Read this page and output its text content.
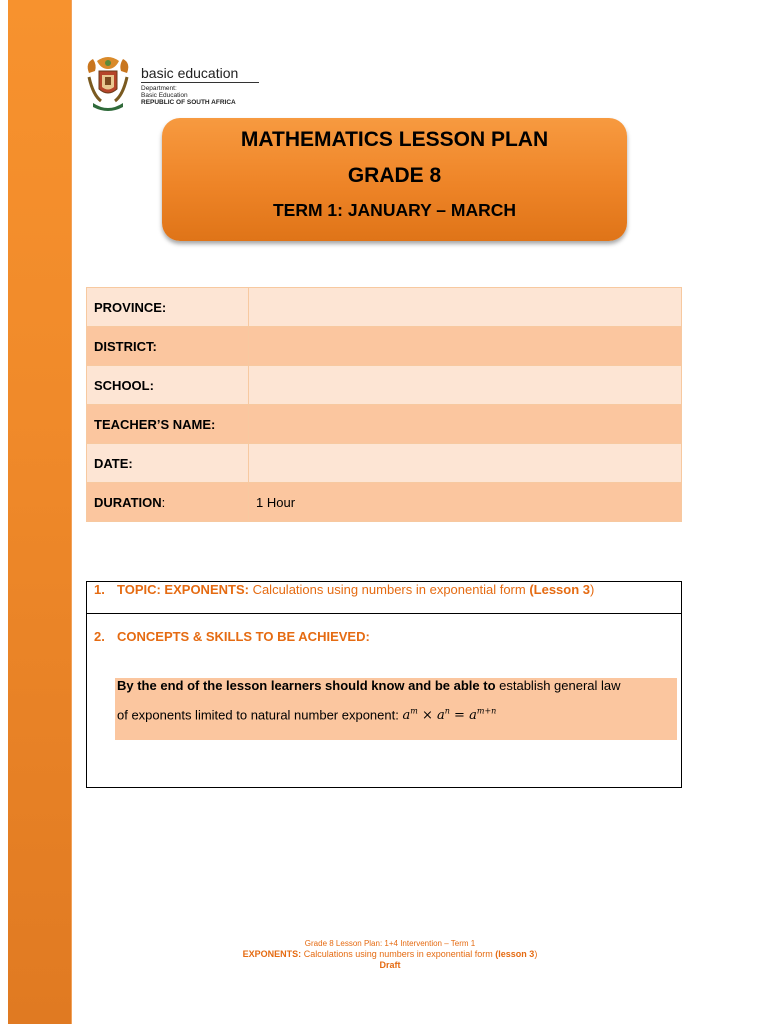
basic education
Department:
Basic Education
REPUBLIC OF SOUTH AFRICA
MATHEMATICS LESSON PLAN
GRADE 8
TERM 1: JANUARY – MARCH
PROVINCE:	
DISTRICT:	
SCHOOL:	
TEACHER’S NAME:	
DATE:	
DURATION:	1 Hour
1. TOPIC: EXPONENTS: Calculations using numbers in exponential form (Lesson 3)
2. CONCEPTS & SKILLS TO BE ACHIEVED:
By the end of the lesson learners should know and be able to establish general law
of exponents limited to natural number exponent: $a^m \times a^n = a^{m+n}$
Grade 8 Lesson Plan: 1+4 Intervention – Term 1
EXPONENTS: Calculations using numbers in exponential form (lesson 3)
Draft
